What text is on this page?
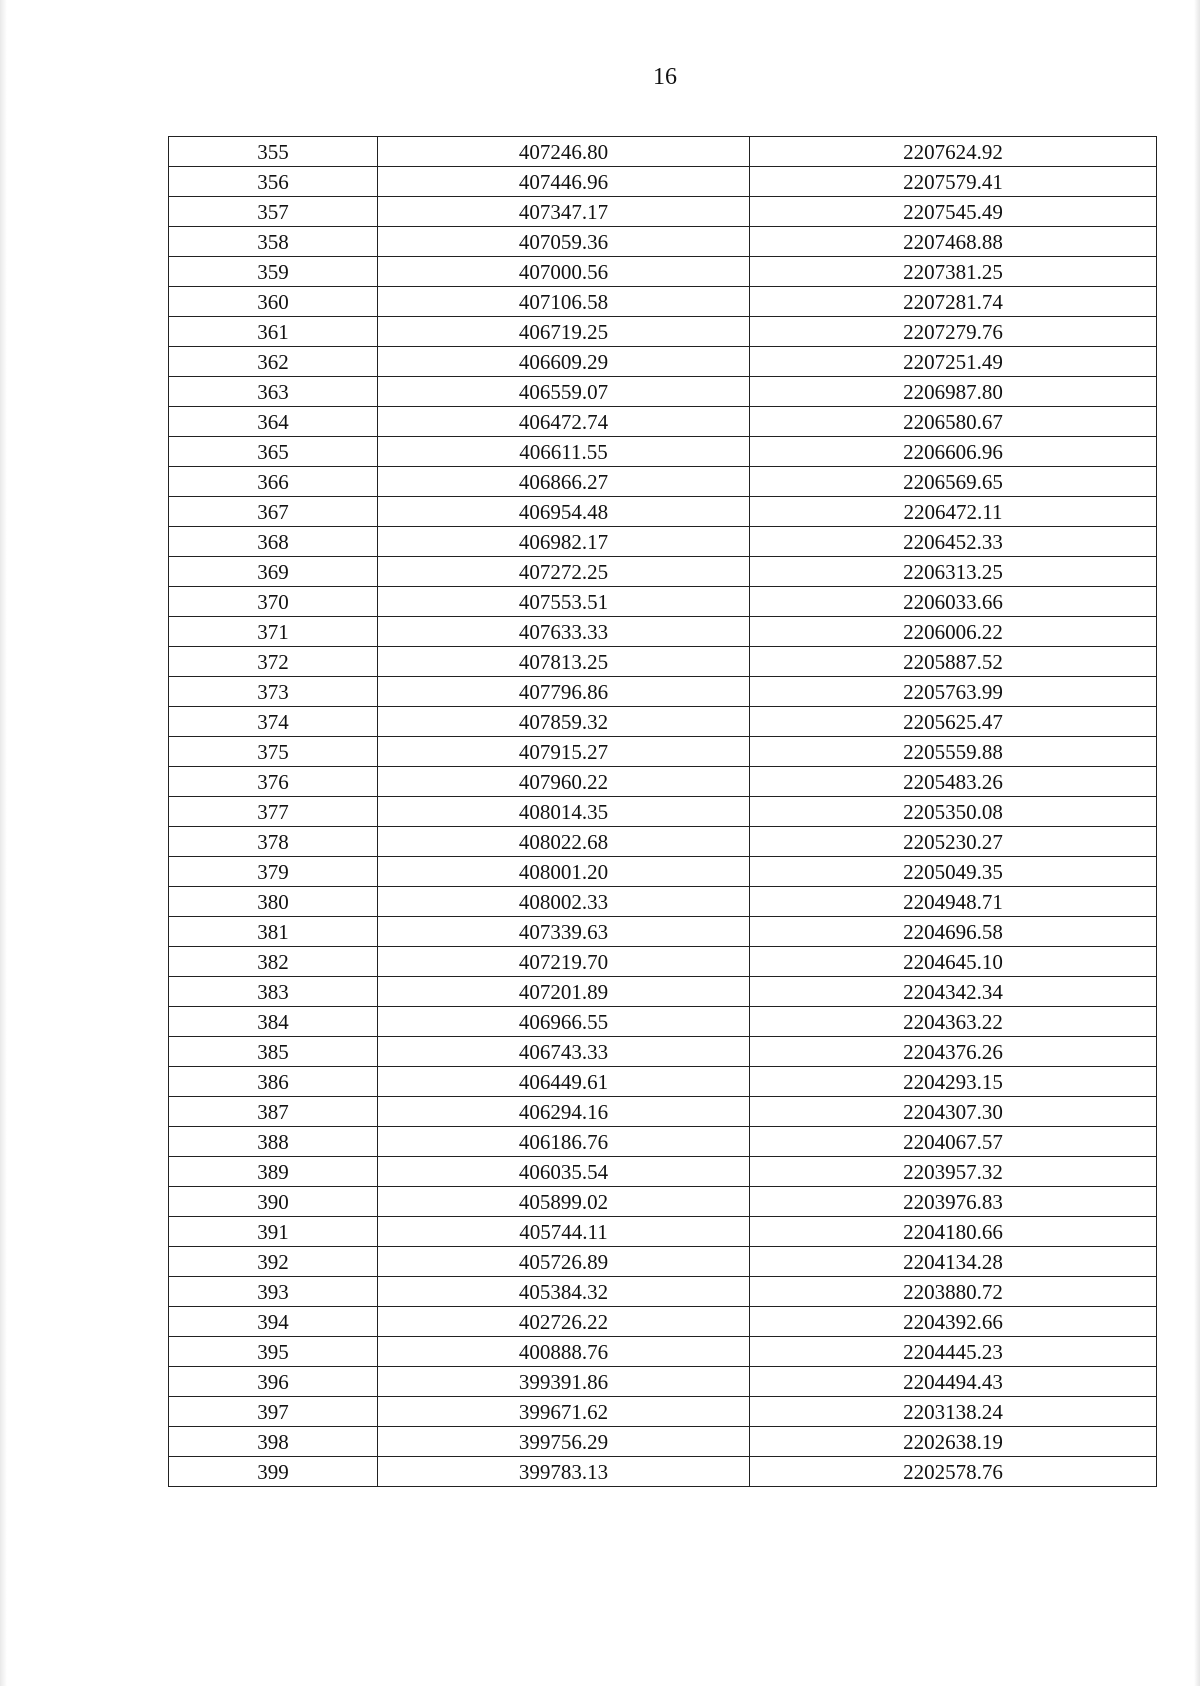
16
355	407246.80	2207624.92
356	407446.96	2207579.41
357	407347.17	2207545.49
358	407059.36	2207468.88
359	407000.56	2207381.25
360	407106.58	2207281.74
361	406719.25	2207279.76
362	406609.29	2207251.49
363	406559.07	2206987.80
364	406472.74	2206580.67
365	406611.55	2206606.96
366	406866.27	2206569.65
367	406954.48	2206472.11
368	406982.17	2206452.33
369	407272.25	2206313.25
370	407553.51	2206033.66
371	407633.33	2206006.22
372	407813.25	2205887.52
373	407796.86	2205763.99
374	407859.32	2205625.47
375	407915.27	2205559.88
376	407960.22	2205483.26
377	408014.35	2205350.08
378	408022.68	2205230.27
379	408001.20	2205049.35
380	408002.33	2204948.71
381	407339.63	2204696.58
382	407219.70	2204645.10
383	407201.89	2204342.34
384	406966.55	2204363.22
385	406743.33	2204376.26
386	406449.61	2204293.15
387	406294.16	2204307.30
388	406186.76	2204067.57
389	406035.54	2203957.32
390	405899.02	2203976.83
391	405744.11	2204180.66
392	405726.89	2204134.28
393	405384.32	2203880.72
394	402726.22	2204392.66
395	400888.76	2204445.23
396	399391.86	2204494.43
397	399671.62	2203138.24
398	399756.29	2202638.19
399	399783.13	2202578.76
